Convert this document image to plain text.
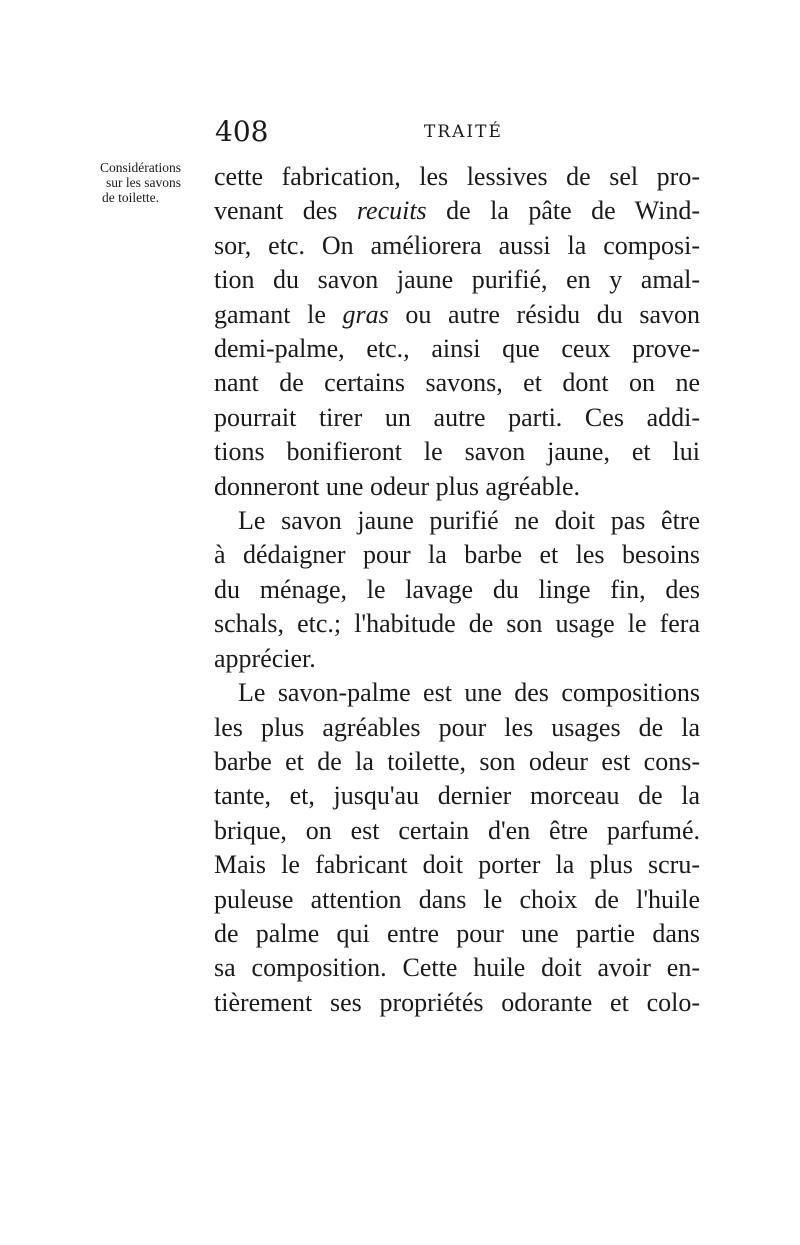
408	TRAITÉ
Considérations
sur les savons
de toilette.
cette fabrication, les lessives de sel pro-
venant des recuits de la pâte de Wind-
sor, etc. On améliorera aussi la composi-
tion du savon jaune purifié, en y amal-
gamant le gras ou autre résidu du savon
demi-palme, etc., ainsi que ceux prove-
nant de certains savons, et dont on ne
pourrait tirer un autre parti. Ces addi-
tions bonifieront le savon jaune, et lui
donneront une odeur plus agréable.
Le savon jaune purifié ne doit pas être
à dédaigner pour la barbe et les besoins
du ménage, le lavage du linge fin, des
schals, etc.; l'habitude de son usage le fera
apprécier.
Le savon-palme est une des compositions
les plus agréables pour les usages de la
barbe et de la toilette, son odeur est cons-
tante, et, jusqu'au dernier morceau de la
brique, on est certain d'en être parfumé.
Mais le fabricant doit porter la plus scru-
puleuse attention dans le choix de l'huile
de palme qui entre pour une partie dans
sa composition. Cette huile doit avoir en-
tièrement ses propriétés odorante et colo-
